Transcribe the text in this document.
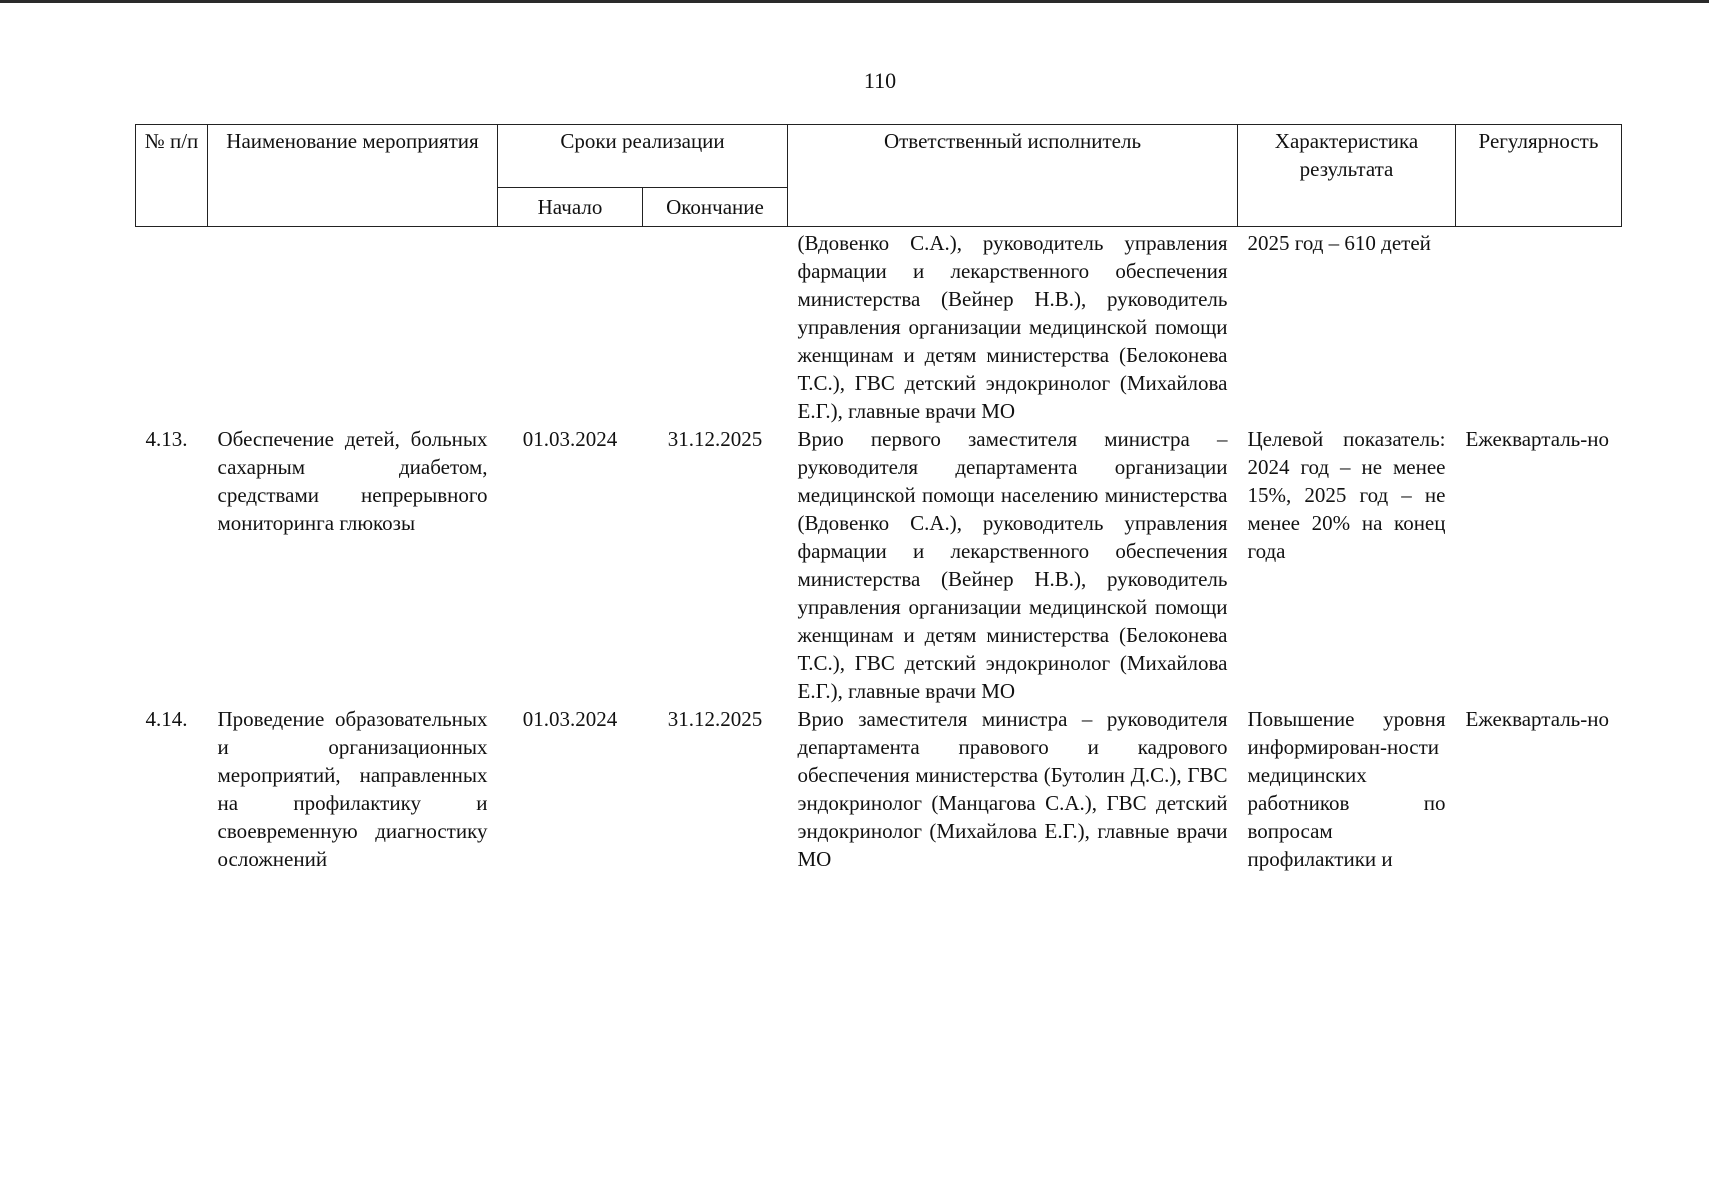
110
№ п/п	Наименование мероприятия	Сроки реализации		Ответственный исполнитель	Характеристика результата	Регулярность
		Начало	Окончание			
				(Вдовенко С.А.), руководитель управления фармации и лекарственного обеспечения министерства (Вейнер Н.В.), руководитель управления организации медицинской помощи женщинам и детям министерства (Белоконева Т.С.), ГВС детский эндокринолог (Михайлова Е.Г.), главные врачи МО	2025 год – 610 детей	
4.13.	Обеспечение детей, больных сахарным диабетом, средствами непрерывного мониторинга глюкозы	01.03.2024	31.12.2025	Врио первого заместителя министра – руководителя департамента организации медицинской помощи населению министерства (Вдовенко С.А.), руководитель управления фармации и лекарственного обеспечения министерства (Вейнер Н.В.), руководитель управления организации медицинской помощи женщинам и детям министерства (Белоконева Т.С.), ГВС детский эндокринолог (Михайлова Е.Г.), главные врачи МО	Целевой показатель: 2024 год – не менее 15%, 2025 год – не менее 20% на конец года	Ежекварталь-но
4.14.	Проведение образовательных и организационных мероприятий, направленных на профилактику и своевременную диагностику осложнений	01.03.2024	31.12.2025	Врио заместителя министра – руководителя департамента правового и кадрового обеспечения министерства (Бутолин Д.С.), ГВС эндокринолог (Манцагова С.А.), ГВС детский эндокринолог (Михайлова Е.Г.), главные врачи МО	Повышение уровня информирован-ности медицинских работников по вопросам профилактики и	Ежекварталь-но
